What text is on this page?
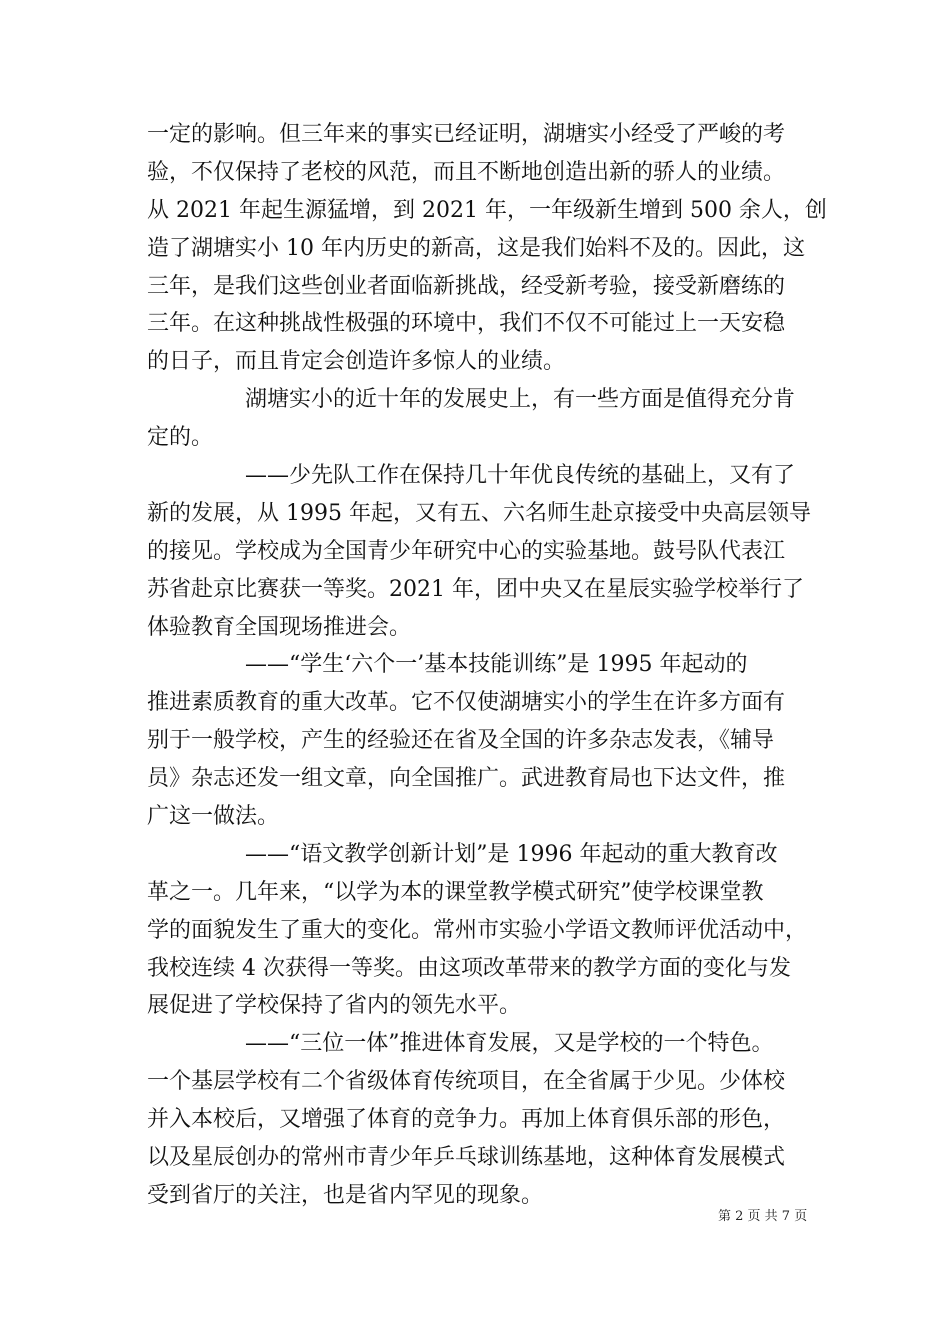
一定的影响。但三年来的事实已经证明，湖塘实小经受了严峻的考
验，不仅保持了老校的风范，而且不断地创造出新的骄人的业绩。
从 2021 年起生源猛增，到 2021 年，一年级新生增到 500 余人，创
造了湖塘实小 10 年内历史的新高，这是我们始料不及的。因此，这
三年，是我们这些创业者面临新挑战，经受新考验，接受新磨练的
三年。在这种挑战性极强的环境中，我们不仅不可能过上一天安稳
的日子，而且肯定会创造许多惊人的业绩。
湖塘实小的近十年的发展史上，有一些方面是值得充分肯
定的。
——少先队工作在保持几十年优良传统的基础上，又有了
新的发展，从 1995 年起，又有五、六名师生赴京接受中央高层领导
的接见。学校成为全国青少年研究中心的实验基地。鼓号队代表江
苏省赴京比赛获一等奖。2021 年，团中央又在星辰实验学校举行了
体验教育全国现场推进会。
——“学生‘六个一’基本技能训练”是 1995 年起动的
推进素质教育的重大改革。它不仅使湖塘实小的学生在许多方面有
别于一般学校，产生的经验还在省及全国的许多杂志发表，《辅导
员》杂志还发一组文章，向全国推广。武进教育局也下达文件，推
广这一做法。
——“语文教学创新计划”是 1996 年起动的重大教育改
革之一。几年来，“以学为本的课堂教学模式研究”使学校课堂教
学的面貌发生了重大的变化。常州市实验小学语文教师评优活动中，
我校连续 4 次获得一等奖。由这项改革带来的教学方面的变化与发
展促进了学校保持了省内的领先水平。
——“三位一体”推进体育发展，又是学校的一个特色。
一个基层学校有二个省级体育传统项目，在全省属于少见。少体校
并入本校后，又增强了体育的竞争力。再加上体育俱乐部的形色，
以及星辰创办的常州市青少年乒乓球训练基地，这种体育发展模式
受到省厅的关注，也是省内罕见的现象。
第 2 页 共 7 页
